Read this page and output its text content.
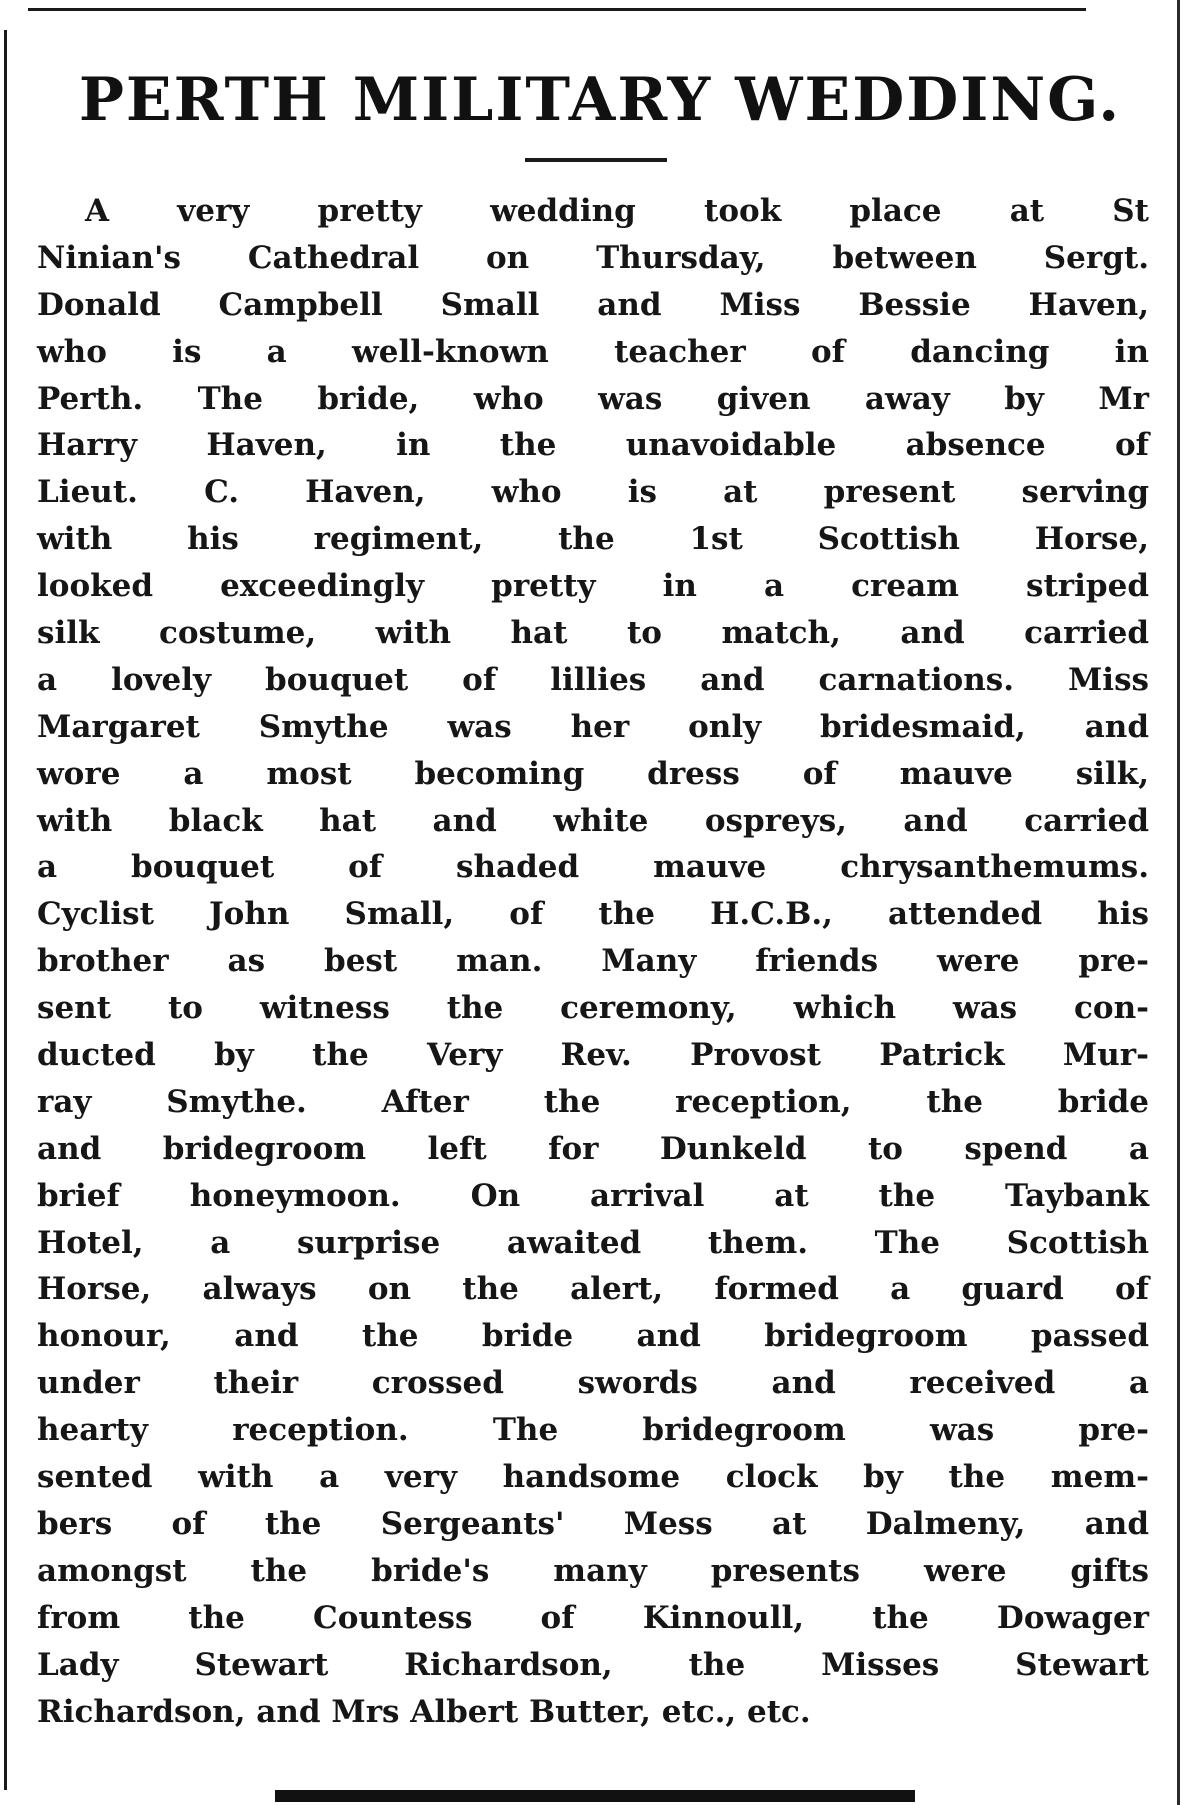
PERTH MILITARY WEDDING.
A very pretty wedding took place at St
Ninian's Cathedral on Thursday, between Sergt.
Donald Campbell Small and Miss Bessie Haven,
who is a well-known teacher of dancing in
Perth. The bride, who was given away by Mr
Harry Haven, in the unavoidable absence of
Lieut. C. Haven, who is at present serving
with his regiment, the 1st Scottish Horse,
looked exceedingly pretty in a cream striped
silk costume, with hat to match, and carried
a lovely bouquet of lillies and carnations. Miss
Margaret Smythe was her only bridesmaid, and
wore a most becoming dress of mauve silk,
with black hat and white ospreys, and carried
a bouquet of shaded mauve chrysanthemums.
Cyclist John Small, of the H.C.B., attended his
brother as best man. Many friends were pre-
sent to witness the ceremony, which was con-
ducted by the Very Rev. Provost Patrick Mur-
ray Smythe. After the reception, the bride
and bridegroom left for Dunkeld to spend a
brief honeymoon. On arrival at the Taybank
Hotel, a surprise awaited them. The Scottish
Horse, always on the alert, formed a guard of
honour, and the bride and bridegroom passed
under their crossed swords and received a
hearty reception. The bridegroom was pre-
sented with a very handsome clock by the mem-
bers of the Sergeants' Mess at Dalmeny, and
amongst the bride's many presents were gifts
from the Countess of Kinnoull, the Dowager
Lady Stewart Richardson, the Misses Stewart
Richardson, and Mrs Albert Butter, etc., etc.
